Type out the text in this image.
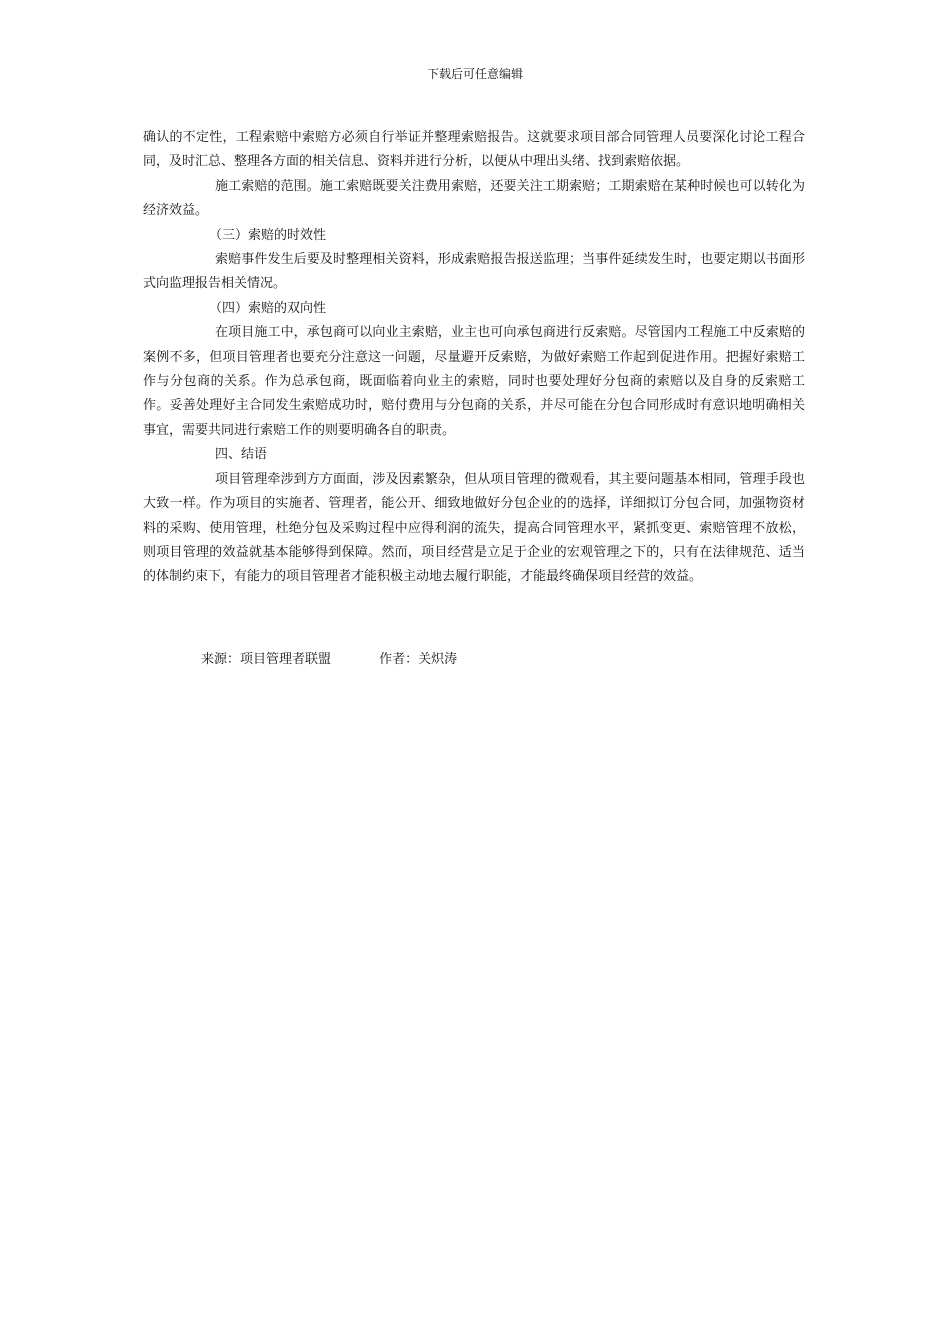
下载后可任意编辑

确认的不定性，工程索赔中索赔方必须自行举证并整理索赔报告。这就要求项目部合同管理人员要深化讨论工程合同，及时汇总、整理各方面的相关信息、资料并进行分析，以便从中理出头绪、找到索赔依据。

施工索赔的范围。施工索赔既要关注费用索赔，还要关注工期索赔；工期索赔在某种时候也可以转化为经济效益。

（三）索赔的时效性

索赔事件发生后要及时整理相关资料，形成索赔报告报送监理；当事件延续发生时，也要定期以书面形式向监理报告相关情况。

（四）索赔的双向性

在项目施工中，承包商可以向业主索赔，业主也可向承包商进行反索赔。尽管国内工程施工中反索赔的案例不多，但项目管理者也要充分注意这一问题，尽量避开反索赔，为做好索赔工作起到促进作用。把握好索赔工作与分包商的关系。作为总承包商，既面临着向业主的索赔，同时也要处理好分包商的索赔以及自身的反索赔工作。妥善处理好主合同发生索赔成功时，赔付费用与分包商的关系，并尽可能在分包合同形成时有意识地明确相关事宜，需要共同进行索赔工作的则要明确各自的职责。

四、结语

项目管理牵涉到方方面面，涉及因素繁杂，但从项目管理的微观看，其主要问题基本相同，管理手段也大致一样。作为项目的实施者、管理者，能公开、细致地做好分包企业的的选择，详细拟订分包合同，加强物资材料的采购、使用管理，杜绝分包及采购过程中应得利润的流失，提高合同管理水平，紧抓变更、索赔管理不放松，则项目管理的效益就基本能够得到保障。然而，项目经营是立足于企业的宏观管理之下的，只有在法律规范、适当的体制约束下，有能力的项目管理者才能积极主动地去履行职能，才能最终确保项目经营的效益。

来源：项目管理者联盟	作者：关炽涛
